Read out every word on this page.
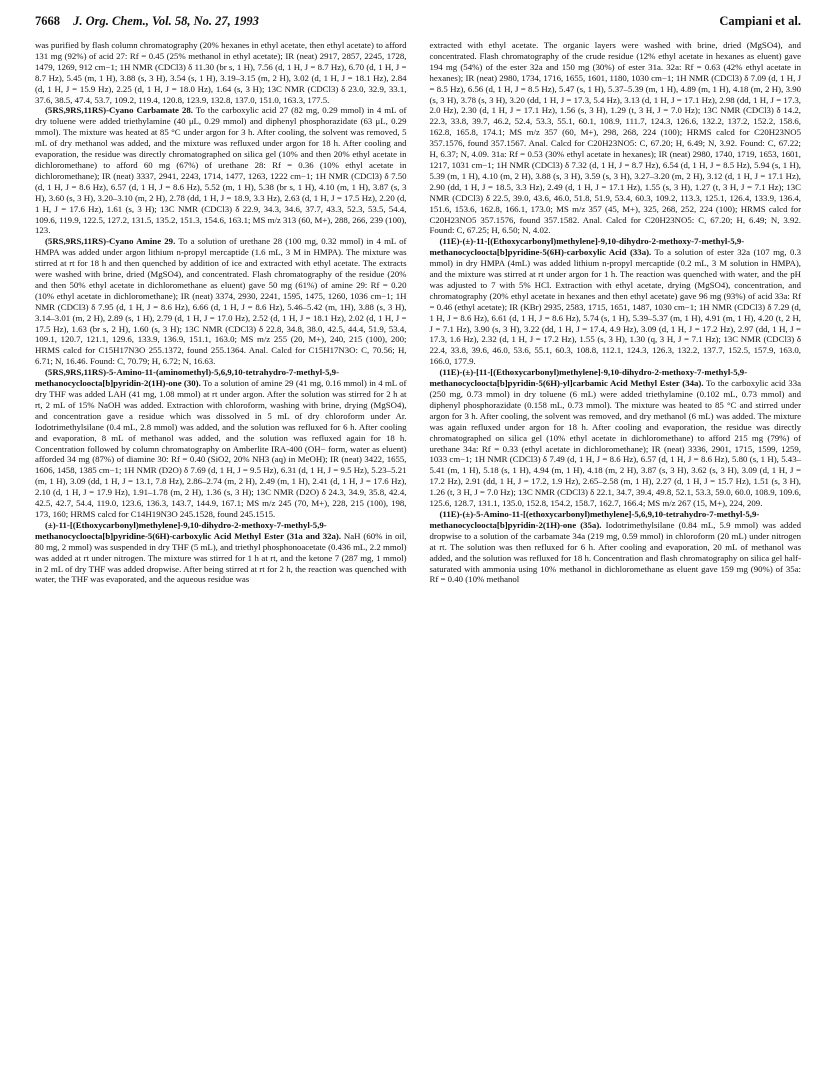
7668 J. Org. Chem., Vol. 58, No. 27, 1993	Campiani et al.

was purified by flash column chromatography (20% hexanes in ethyl acetate, then ethyl acetate) to afford 131 mg (92%) of acid 27: Rf = 0.45 (25% methanol in ethyl acetate); IR (neat) 2917, 2857, 2245, 1728, 1479, 1269, 912 cm−1; 1H NMR (CDCl3) δ 11.30 (br s, 1 H), 7.56 (d, 1 H, J = 8.7 Hz), 6.70 (d, 1 H, J = 8.7 Hz), 5.45 (m, 1 H), 3.88 (s, 3 H), 3.54 (s, 1 H), 3.19–3.15 (m, 2 H), 3.02 (d, 1 H, J = 18.1 Hz), 2.84 (d, 1 H, J = 15.9 Hz), 2.25 (d, 1 H, J = 18.0 Hz), 1.64 (s, 3 H); 13C NMR (CDCl3) δ 23.0, 32.9, 33.1, 37.6, 38.5, 47.4, 53.7, 109.2, 119.4, 120.8, 123.9, 132.8, 137.0, 151.0, 163.3, 177.5.

(5RS,9RS,11RS)-Cyano Carbamate 28. To the carboxylic acid 27 (82 mg, 0.29 mmol) in 4 mL of dry toluene were added triethylamine (40 μL, 0.29 mmol) and diphenyl phosphorazidate (63 μL, 0.29 mmol). The mixture was heated at 85 °C under argon for 3 h. After cooling, the solvent was removed, 5 mL of dry methanol was added, and the mixture was refluxed under argon for 18 h. After cooling and evaporation, the residue was directly chromatographed on silica gel (10% and then 20% ethyl acetate in dichloromethane) to afford 60 mg (67%) of urethane 28: Rf = 0.36 (10% ethyl acetate in dichloromethane); IR (neat) 3337, 2941, 2243, 1714, 1477, 1263, 1222 cm−1; 1H NMR (CDCl3) δ 7.50 (d, 1 H, J = 8.6 Hz), 6.57 (d, 1 H, J = 8.6 Hz), 5.52 (m, 1 H), 5.38 (br s, 1 H), 4.10 (m, 1 H), 3.87 (s, 3 H), 3.60 (s, 3 H), 3.20–3.10 (m, 2 H), 2.78 (dd, 1 H, J = 18.9, 3.3 Hz), 2.63 (d, 1 H, J = 17.5 Hz), 2.20 (d, 1 H, J = 17.6 Hz), 1.61 (s, 3 H); 13C NMR (CDCl3) δ 22.9, 34.3, 34.6, 37.7, 43.3, 52.3, 53.5, 54.4, 109.6, 119.9, 122.5, 127.2, 131.5, 135.2, 151.3, 154.6, 163.1; MS m/z 313 (60, M+), 288, 266, 239 (100), 123.

(5RS,9RS,11RS)-Cyano Amine 29. To a solution of urethane 28 (100 mg, 0.32 mmol) in 4 mL of HMPA was added under argon lithium n-propyl mercaptide (1.6 mL, 3 M in HMPA). The mixture was stirred at rt for 18 h and then quenched by addition of ice and extracted with ethyl acetate. The extracts were washed with brine, dried (MgSO4), and concentrated. Flash chromatography of the residue (20% and then 50% ethyl acetate in dichloromethane as eluent) gave 50 mg (61%) of amine 29: Rf = 0.20 (10% ethyl acetate in dichloromethane); IR (neat) 3374, 2930, 2241, 1595, 1475, 1260, 1036 cm−1; 1H NMR (CDCl3) δ 7.95 (d, 1 H, J = 8.6 Hz), 6.66 (d, 1 H, J = 8.6 Hz), 5.46–5.42 (m, 1H), 3.88 (s, 3 H), 3.14–3.01 (m, 2 H), 2.89 (s, 1 H), 2.79 (d, 1 H, J = 17.0 Hz), 2.52 (d, 1 H, J = 18.1 Hz), 2.02 (d, 1 H, J = 17.5 Hz), 1.63 (br s, 2 H), 1.60 (s, 3 H); 13C NMR (CDCl3) δ 22.8, 34.8, 38.0, 42.5, 44.4, 51.9, 53.4, 109.1, 120.7, 121.1, 129.6, 133.9, 136.9, 151.1, 163.0; MS m/z 255 (20, M+), 240, 215 (100), 200; HRMS calcd for C15H17N3O 255.1372, found 255.1364. Anal. Calcd for C15H17N3O: C, 70.56; H, 6.71; N, 16.46. Found: C, 70.79; H, 6.72; N, 16.63.

(5RS,9RS,11RS)-5-Amino-11-(aminomethyl)-5,6,9,10-tetrahydro-7-methyl-5,9-methanocycloocta[b]pyridin-2(1H)-one (30). To a solution of amine 29 (41 mg, 0.16 mmol) in 4 mL of dry THF was added LAH (41 mg, 1.08 mmol) at rt under argon. After the solution was stirred for 2 h at rt, 2 mL of 15% NaOH was added. Extraction with chloroform, washing with brine, drying (MgSO4), and concentration gave a residue which was dissolved in 5 mL of dry chloroform under Ar. Iodotrimethylsilane (0.4 mL, 2.8 mmol) was added, and the solution was refluxed for 6 h. After cooling and evaporation, 8 mL of methanol was added, and the solution was refluxed again for 18 h. Concentration followed by column chromatography on Amberlite IRA-400 (OH− form, water as eluent) afforded 34 mg (87%) of diamine 30: Rf = 0.40 (SiO2, 20% NH3 (aq) in MeOH); IR (neat) 3422, 1655, 1606, 1458, 1385 cm−1; 1H NMR (D2O) δ 7.69 (d, 1 H, J = 9.5 Hz), 6.31 (d, 1 H, J = 9.5 Hz), 5.23–5.21 (m, 1 H), 3.09 (dd, 1 H, J = 13.1, 7.8 Hz), 2.86–2.74 (m, 2 H), 2.49 (m, 1 H), 2.41 (d, 1 H, J = 17.6 Hz), 2.10 (d, 1 H, J = 17.9 Hz), 1.91–1.78 (m, 2 H), 1.36 (s, 3 H); 13C NMR (D2O) δ 24.3, 34.9, 35.8, 42.4, 42.5, 42.7, 54.4, 119.0, 123.6, 136.3, 143.7, 144.9, 167.1; MS m/z 245 (70, M+), 228, 215 (100), 198, 173, 160; HRMS calcd for C14H19N3O 245.1528, found 245.1515.

(±)-11-[(Ethoxycarbonyl)methylene]-9,10-dihydro-2-methoxy-7-methyl-5,9-methanocycloocta[b]pyridine-5(6H)-carboxylic Acid Methyl Ester (31a and 32a). NaH (60% in oil, 80 mg, 2 mmol) was suspended in dry THF (5 mL), and triethyl phosphonoacetate (0.436 mL, 2.2 mmol) was added at rt under nitrogen. The mixture was stirred for 1 h at rt, and the ketone 7 (287 mg, 1 mmol) in 2 mL of dry THF was added dropwise. After being stirred at rt for 2 h, the reaction was quenched with water, the THF was evaporated, and the aqueous residue was

extracted with ethyl acetate. The organic layers were washed with brine, dried (MgSO4), and concentrated. Flash chromatography of the crude residue (12% ethyl acetate in hexanes as eluent) gave 194 mg (54%) of the ester 32a and 150 mg (30%) of ester 31a. 32a: Rf = 0.63 (42% ethyl acetate in hexanes); IR (neat) 2980, 1734, 1716, 1655, 1601, 1180, 1030 cm−1; 1H NMR (CDCl3) δ 7.09 (d, 1 H, J = 8.5 Hz), 6.56 (d, 1 H, J = 8.5 Hz), 5.47 (s, 1 H), 5.37–5.39 (m, 1 H), 4.89 (m, 1 H), 4.18 (m, 2 H), 3.90 (s, 3 H), 3.78 (s, 3 H), 3.20 (dd, 1 H, J = 17.3, 5.4 Hz), 3.13 (d, 1 H, J = 17.1 Hz), 2.98 (dd, 1 H, J = 17.3, 2.0 Hz), 2.30 (d, 1 H, J = 17.1 Hz), 1.56 (s, 3 H), 1.29 (t, 3 H, J = 7.0 Hz); 13C NMR (CDCl3) δ 14.2, 22.3, 33.8, 39.7, 46.2, 52.4, 53.3, 55.1, 60.1, 108.9, 111.7, 124.3, 126.6, 132.2, 137.2, 152.2, 158.6, 162.8, 165.8, 174.1; MS m/z 357 (60, M+), 298, 268, 224 (100); HRMS calcd for C20H23NO5 357.1576, found 357.1567. Anal. Calcd for C20H23NO5: C, 67.20; H, 6.49; N, 3.92. Found: C, 67.22; H, 6.37; N, 4.09. 31a: Rf = 0.53 (30% ethyl acetate in hexanes); IR (neat) 2980, 1740, 1719, 1653, 1601, 1217, 1031 cm−1; 1H NMR (CDCl3) δ 7.32 (d, 1 H, J = 8.7 Hz), 6.54 (d, 1 H, J = 8.5 Hz), 5.94 (s, 1 H), 5.39 (m, 1 H), 4.10 (m, 2 H), 3.88 (s, 3 H), 3.59 (s, 3 H), 3.27–3.20 (m, 2 H), 3.12 (d, 1 H, J = 17.1 Hz), 2.90 (dd, 1 H, J = 18.5, 3.3 Hz), 2.49 (d, 1 H, J = 17.1 Hz), 1.55 (s, 3 H), 1.27 (t, 3 H, J = 7.1 Hz); 13C NMR (CDCl3) δ 22.5, 39.0, 43.6, 46.0, 51.8, 51.9, 53.4, 60.3, 109.2, 113.3, 125.1, 126.4, 133.9, 136.4, 151.6, 153.6, 162.8, 166.1, 173.0; MS m/z 357 (45, M+), 325, 268, 252, 224 (100); HRMS calcd for C20H23NO5 357.1576, found 357.1582. Anal. Calcd for C20H23NO5: C, 67.20; H, 6.49; N, 3.92. Found: C, 67.25; H, 6.50; N, 4.02.

(11E)-(±)-11-[(Ethoxycarbonyl)methylene]-9,10-dihydro-2-methoxy-7-methyl-5,9-methanocycloocta[b]pyridine-5(6H)-carboxylic Acid (33a). To a solution of ester 32a (107 mg, 0.3 mmol) in dry HMPA (4mL) was added lithium n-propyl mercaptide (0.2 mL, 3 M solution in HMPA), and the mixture was stirred at rt under argon for 1 h. The reaction was quenched with water, and the pH was adjusted to 7 with 5% HCl. Extraction with ethyl acetate, drying (MgSO4), concentration, and chromatography (20% ethyl acetate in hexanes and then ethyl acetate) gave 96 mg (93%) of acid 33a: Rf = 0.46 (ethyl acetate); IR (KBr) 2935, 2583, 1715, 1651, 1487, 1030 cm−1; 1H NMR (CDCl3) δ 7.29 (d, 1 H, J = 8.6 Hz), 6.61 (d, 1 H, J = 8.6 Hz), 5.74 (s, 1 H), 5.39–5.37 (m, 1 H), 4.91 (m, 1 H), 4.20 (t, 2 H, J = 7.1 Hz), 3.90 (s, 3 H), 3.22 (dd, 1 H, J = 17.4, 4.9 Hz), 3.09 (d, 1 H, J = 17.2 Hz), 2.97 (dd, 1 H, J = 17.3, 1.6 Hz), 2.32 (d, 1 H, J = 17.2 Hz), 1.55 (s, 3 H), 1.30 (q, 3 H, J = 7.1 Hz); 13C NMR (CDCl3) δ 22.4, 33.8, 39.6, 46.0, 53.6, 55.1, 60.3, 108.8, 112.1, 124.3, 126.3, 132.2, 137.7, 152.5, 157.9, 163.0, 166.0, 177.9.

(11E)-(±)-[11-[(Ethoxycarbonyl)methylene]-9,10-dihydro-2-methoxy-7-methyl-5,9-methanocycloocta[b]pyridin-5(6H)-yl]carbamic Acid Methyl Ester (34a). To the carboxylic acid 33a (250 mg, 0.73 mmol) in dry toluene (6 mL) were added triethylamine (0.102 mL, 0.73 mmol) and diphenyl phosphorazidate (0.158 mL, 0.73 mmol). The mixture was heated to 85 °C and stirred under argon for 3 h. After cooling, the solvent was removed, and dry methanol (6 mL) was added. The mixture was again refluxed under argon for 18 h. After cooling and evaporation, the residue was directly chromatographed on silica gel (10% ethyl acetate in dichloromethane) to afford 215 mg (79%) of urethane 34a: Rf = 0.33 (ethyl acetate in dichloromethane); IR (neat) 3336, 2901, 1715, 1599, 1259, 1033 cm−1; 1H NMR (CDCl3) δ 7.49 (d, 1 H, J = 8.6 Hz), 6.57 (d, 1 H, J = 8.6 Hz), 5.80 (s, 1 H), 5.43–5.41 (m, 1 H), 5.18 (s, 1 H), 4.94 (m, 1 H), 4.18 (m, 2 H), 3.87 (s, 3 H), 3.62 (s, 3 H), 3.09 (d, 1 H, J = 17.2 Hz), 2.91 (dd, 1 H, J = 17.2, 1.9 Hz), 2.65–2.58 (m, 1 H), 2.27 (d, 1 H, J = 15.7 Hz), 1.51 (s, 3 H), 1.26 (t, 3 H, J = 7.0 Hz); 13C NMR (CDCl3) δ 22.1, 34.7, 39.4, 49.8, 52.1, 53.3, 59.0, 60.0, 108.9, 109.6, 125.6, 128.7, 131.1, 135.0, 152.8, 154.2, 158.7, 162.7, 166.4; MS m/z 267 (15, M+), 224, 209.

(11E)-(±)-5-Amino-11-[(ethoxycarbonyl)methylene]-5,6,9,10-tetrahydro-7-methyl-5,9-methanocycloocta[b]pyridin-2(1H)-one (35a). Iodotrimethylsilane (0.84 mL, 5.9 mmol) was added dropwise to a solution of the carbamate 34a (219 mg, 0.59 mmol) in chloroform (20 mL) under nitrogen at rt. The solution was then refluxed for 6 h. After cooling and evaporation, 20 mL of methanol was added, and the solution was refluxed for 18 h. Concentration and flash chromatography on silica gel half-saturated with ammonia using 10% methanol in dichloromethane as eluent gave 159 mg (90%) of 35a: Rf = 0.40 (10% methanol
